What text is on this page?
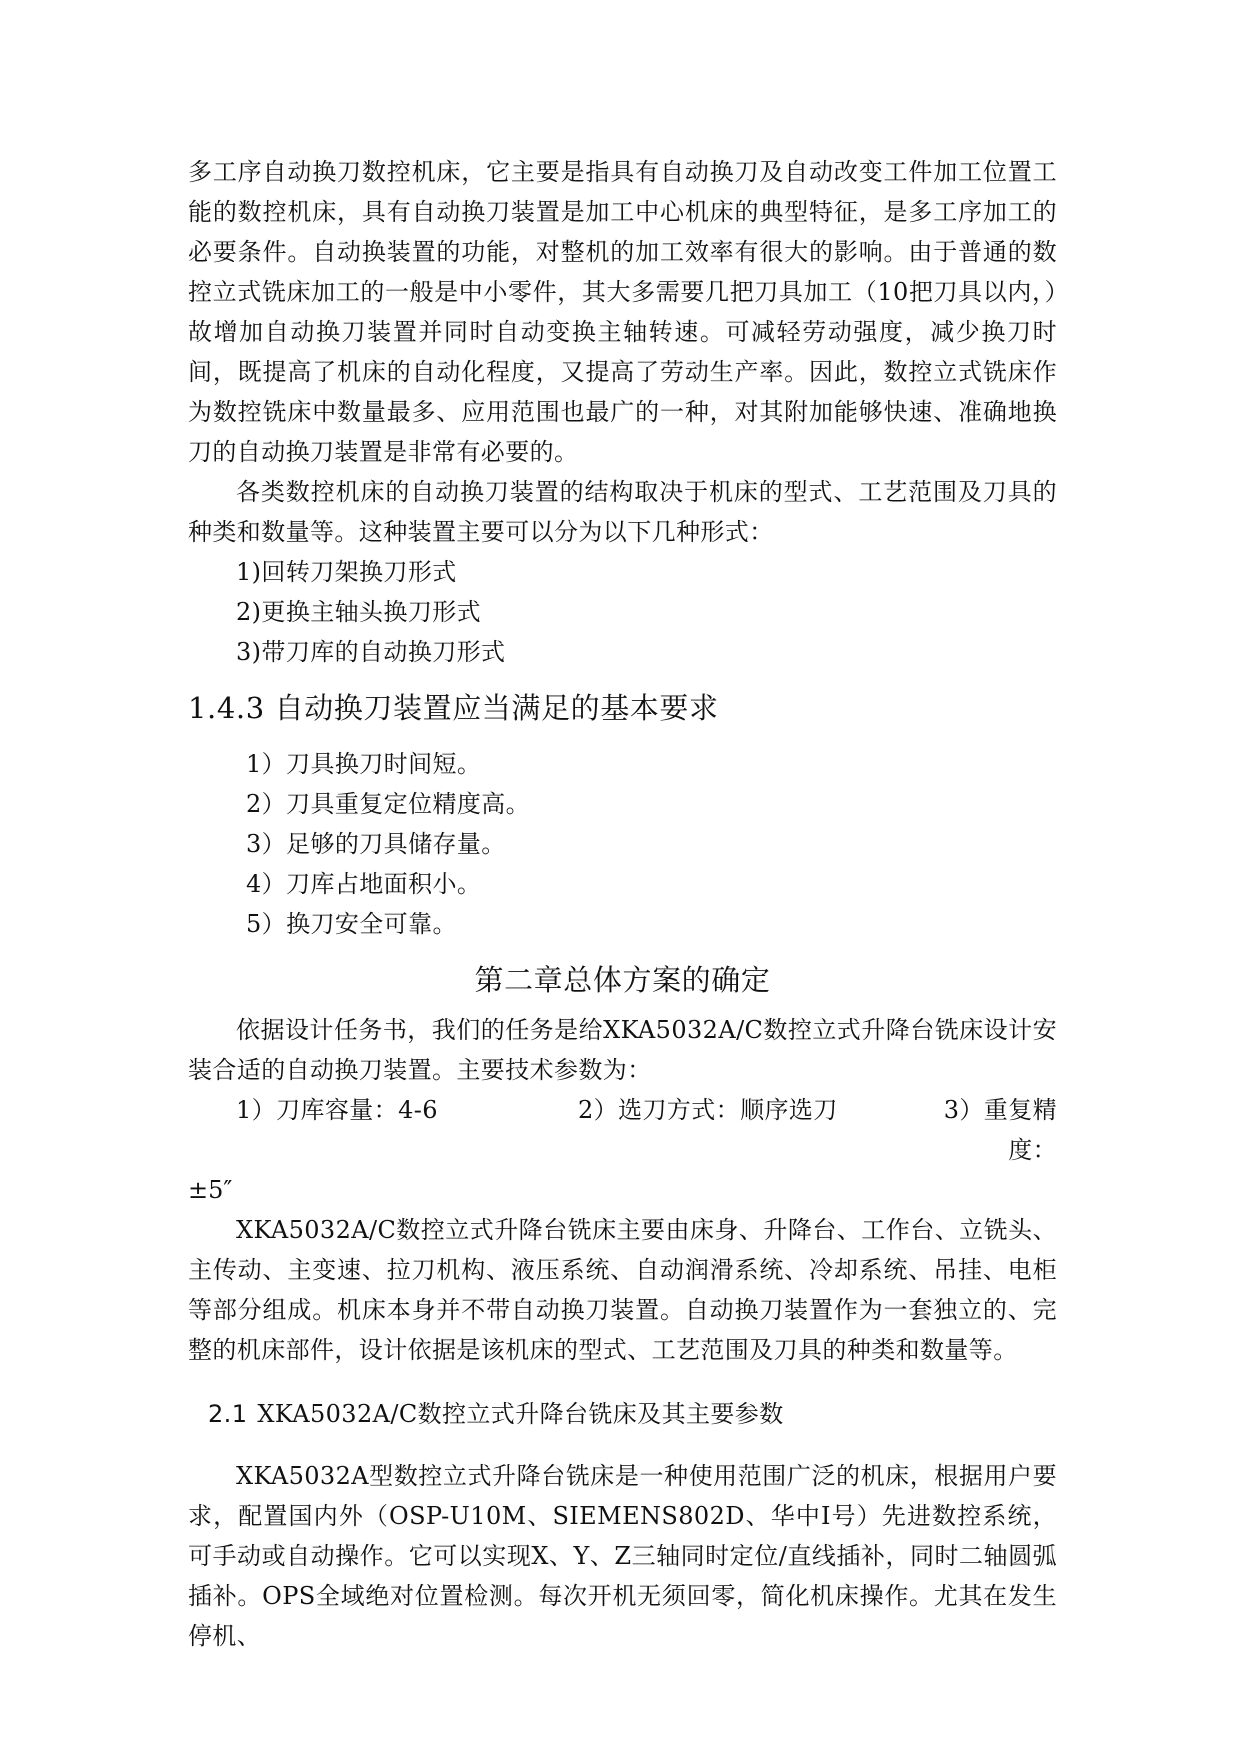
多工序自动换刀数控机床，它主要是指具有自动换刀及自动改变工件加工位置工能的数控机床，具有自动换刀装置是加工中心机床的典型特征，是多工序加工的必要条件。自动换装置的功能，对整机的加工效率有很大的影响。由于普通的数控立式铣床加工的一般是中小零件，其大多需要几把刀具加工（10把刀具以内，）故增加自动换刀装置并同时自动变换主轴转速。可减轻劳动强度，减少换刀时间，既提高了机床的自动化程度，又提高了劳动生产率。因此，数控立式铣床作为数控铣床中数量最多、应用范围也最广的一种，对其附加能够快速、准确地换刀的自动换刀装置是非常有必要的。

各类数控机床的自动换刀装置的结构取决于机床的型式、工艺范围及刀具的种类和数量等。这种装置主要可以分为以下几种形式：

1)回转刀架换刀形式
2)更换主轴头换刀形式
3)带刀库的自动换刀形式
1.4.3 自动换刀装置应当满足的基本要求
1）刀具换刀时间短。
2）刀具重复定位精度高。
3）足够的刀具储存量。
4）刀库占地面积小。
5）换刀安全可靠。
第二章总体方案的确定

依据设计任务书，我们的任务是给XKA5032A/C数控立式升降台铣床设计安装合适的自动换刀装置。主要技术参数为：

1）刀库容量：4-6	2）选刀方式：顺序选刀	3）重复精度：

±5″

XKA5032A/C数控立式升降台铣床主要由床身、升降台、工作台、立铣头、主传动、主变速、拉刀机构、液压系统、自动润滑系统、冷却系统、吊挂、电柜等部分组成。机床本身并不带自动换刀装置。自动换刀装置作为一套独立的、完整的机床部件，设计依据是该机床的型式、工艺范围及刀具的种类和数量等。

2.1 XKA5032A/C数控立式升降台铣床及其主要参数

XKA5032A型数控立式升降台铣床是一种使用范围广泛的机床，根据用户要求，配置国内外（OSP-U10M、SIEMENS802D、华中Ⅰ号）先进数控系统，可手动或自动操作。它可以实现X、Y、Z三轴同时定位/直线插补，同时二轴圆弧插补。OPS全域绝对位置检测。每次开机无须回零，简化机床操作。尤其在发生停机、
